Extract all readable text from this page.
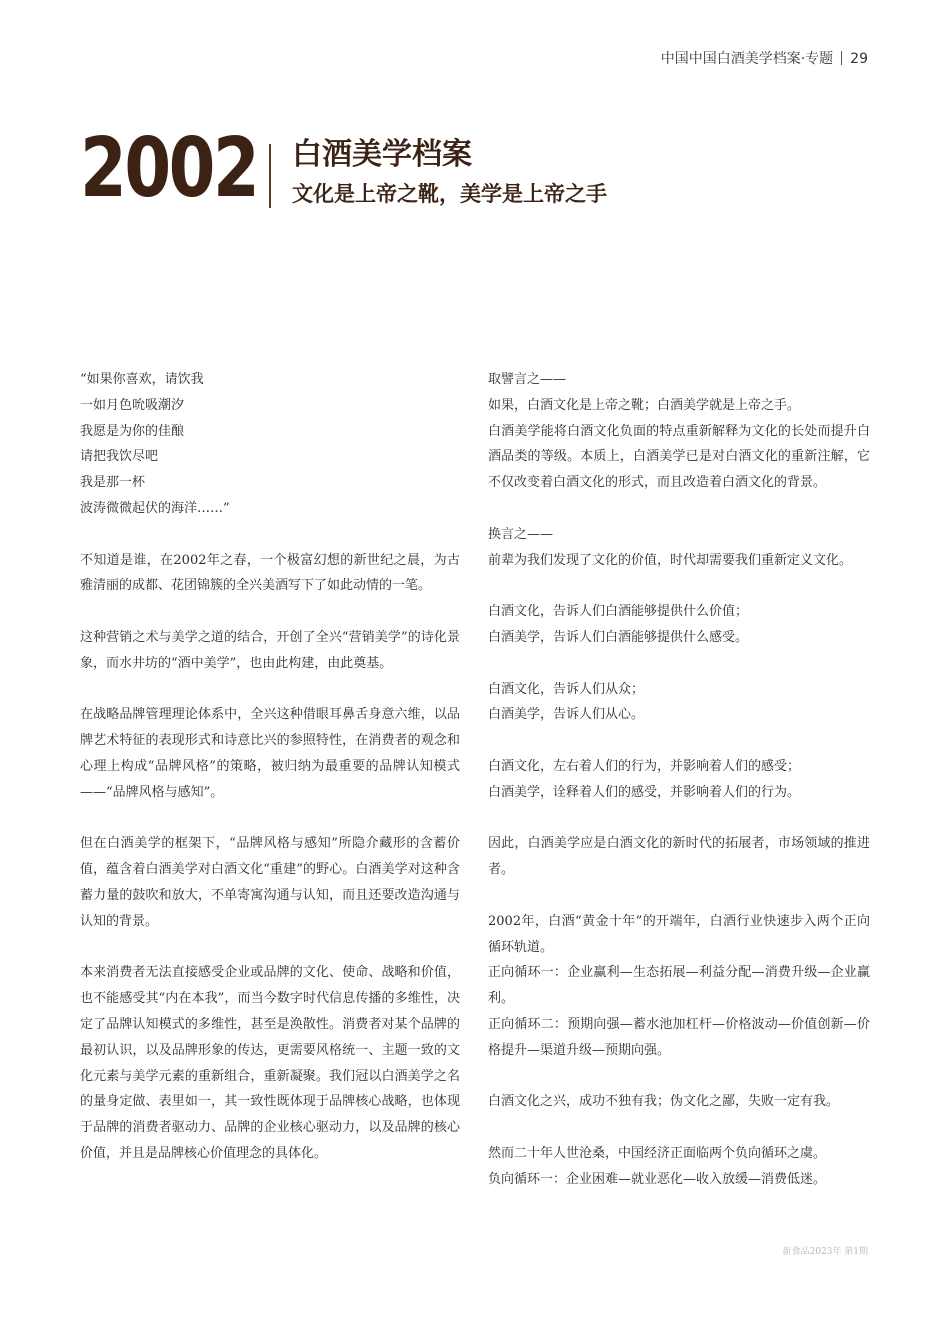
中国中国白酒美学档案·专题 29
2002 白酒美学档案
文化是上帝之靴，美学是上帝之手

“如果你喜欢，请饮我
一如月色吮吸潮汐
我愿是为你的佳酿
请把我饮尽吧
我是那一杯
波涛微微起伏的海洋……”

不知道是谁，在2002年之春，一个极富幻想的新世纪之晨，为古雅清丽的成都、花团锦簇的全兴美酒写下了如此动情的一笔。

这种营销之术与美学之道的结合，开创了全兴“营销美学”的诗化景象，而水井坊的“酒中美学”，也由此构建，由此奠基。

在战略品牌管理理论体系中，全兴这种借眼耳鼻舌身意六维，以品牌艺术特征的表现形式和诗意比兴的参照特性，在消费者的观念和心理上构成“品牌风格”的策略，被归纳为最重要的品牌认知模式——“品牌风格与感知”。

但在白酒美学的框架下，“品牌风格与感知”所隐介藏形的含蓄价值，蕴含着白酒美学对白酒文化“重建”的野心。白酒美学对这种含蓄力量的鼓吹和放大，不单寄寓沟通与认知，而且还要改造沟通与认知的背景。

本来消费者无法直接感受企业或品牌的文化、使命、战略和价值，也不能感受其“内在本我”，而当今数字时代信息传播的多维性，决定了品牌认知模式的多维性，甚至是涣散性。消费者对某个品牌的最初认识，以及品牌形象的传达，更需要风格统一、主题一致的文化元素与美学元素的重新组合，重新凝聚。我们冠以白酒美学之名的量身定做、表里如一，其一致性既体现于品牌核心战略，也体现于品牌的消费者驱动力、品牌的企业核心驱动力，以及品牌的核心价值，并且是品牌核心价值理念的具体化。

取譬言之——
如果，白酒文化是上帝之靴；白酒美学就是上帝之手。
白酒美学能将白酒文化负面的特点重新解释为文化的长处而提升白酒品类的等级。本质上，白酒美学已是对白酒文化的重新注解，它不仅改变着白酒文化的形式，而且改造着白酒文化的背景。

换言之——
前辈为我们发现了文化的价值，时代却需要我们重新定义文化。

白酒文化，告诉人们白酒能够提供什么价值；
白酒美学，告诉人们白酒能够提供什么感受。

白酒文化，告诉人们从众；
白酒美学，告诉人们从心。

白酒文化，左右着人们的行为，并影响着人们的感受；
白酒美学，诠释着人们的感受，并影响着人们的行为。

因此，白酒美学应是白酒文化的新时代的拓展者，市场领域的推进者。

2002年，白酒“黄金十年”的开端年，白酒行业快速步入两个正向循环轨道。
正向循环一：企业赢利—生态拓展—利益分配—消费升级—企业赢利。
正向循环二：预期向强—蓄水池加杠杆—价格波动—价值创新—价格提升—渠道升级—预期向强。

白酒文化之兴，成功不独有我；伪文化之鄙，失败一定有我。

然而二十年人世沧桑，中国经济正面临两个负向循环之虞。
负向循环一：企业困难—就业恶化—收入放缓—消费低迷。

新食品2023年 第1期
